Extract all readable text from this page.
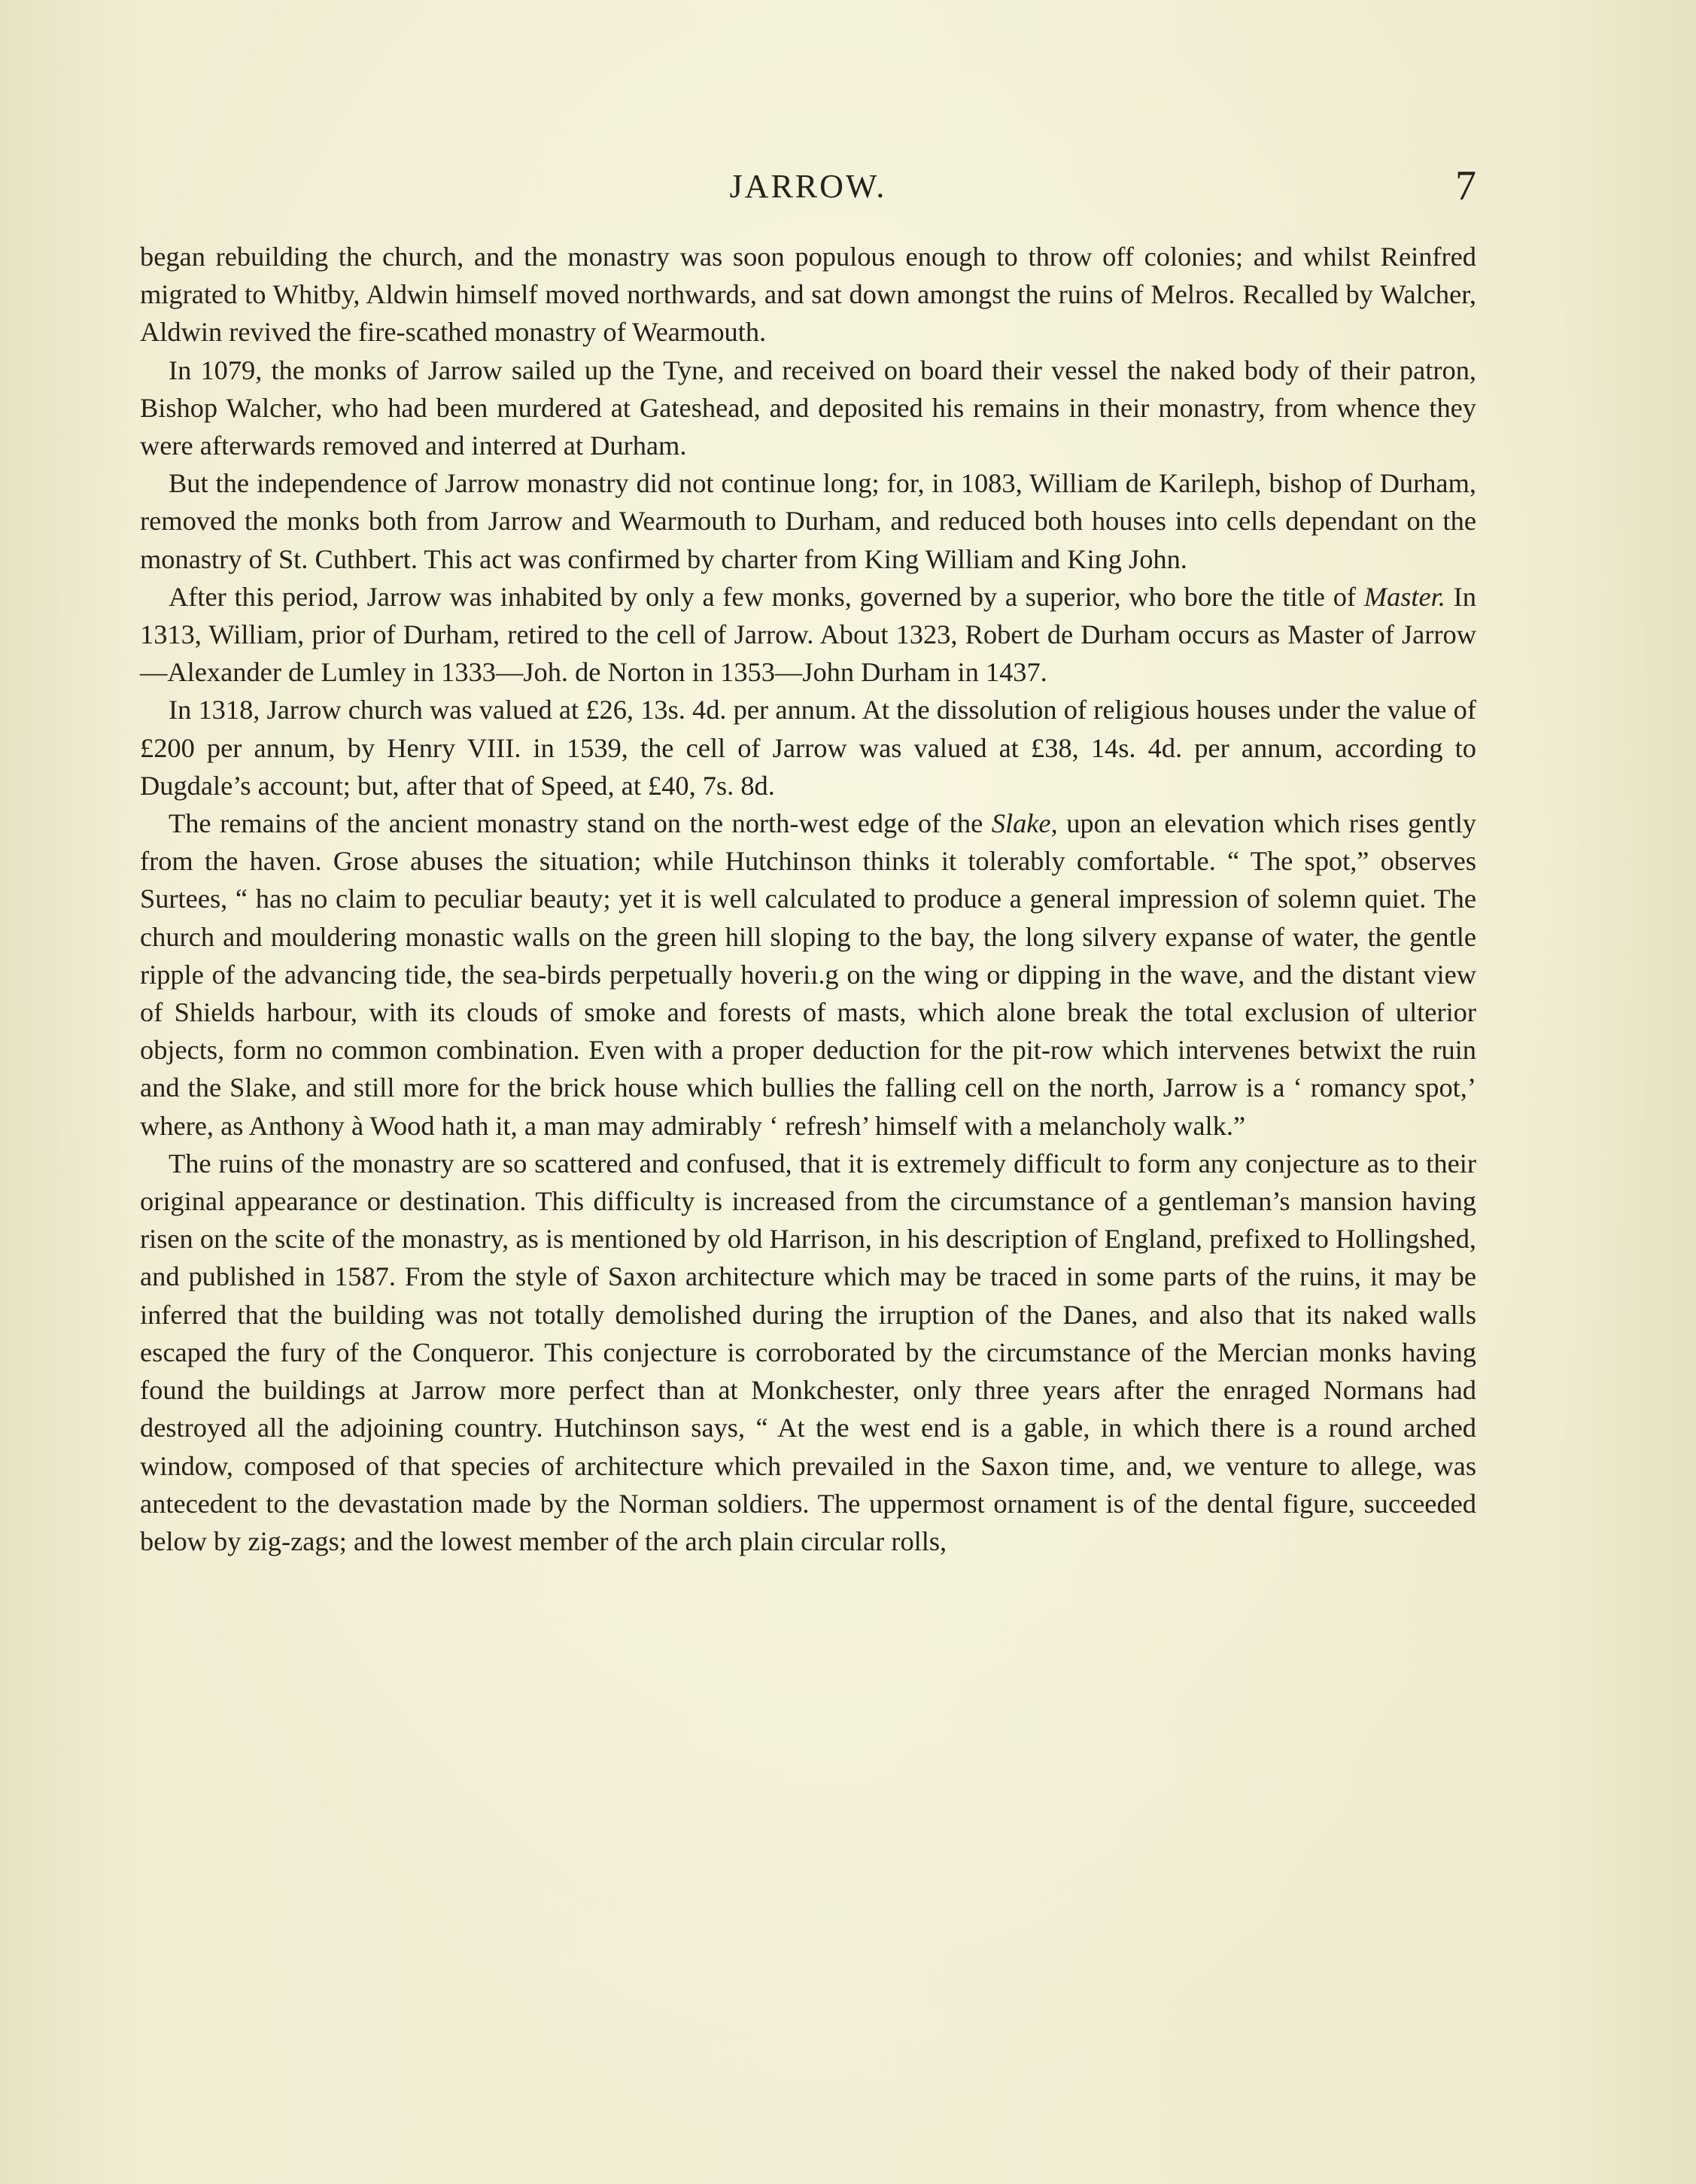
JARROW.	7

began rebuilding the church, and the monastry was soon populous enough to throw off colonies; and whilst Reinfred migrated to Whitby, Aldwin himself moved northwards, and sat down amongst the ruins of Melros. Recalled by Walcher, Aldwin revived the fire-scathed monastry of Wearmouth.

In 1079, the monks of Jarrow sailed up the Tyne, and received on board their vessel the naked body of their patron, Bishop Walcher, who had been murdered at Gateshead, and deposited his remains in their monastry, from whence they were afterwards removed and interred at Durham.

But the independence of Jarrow monastry did not continue long; for, in 1083, William de Karileph, bishop of Durham, removed the monks both from Jarrow and Wearmouth to Durham, and reduced both houses into cells dependant on the monastry of St. Cuthbert. This act was confirmed by charter from King William and King John.

After this period, Jarrow was inhabited by only a few monks, governed by a superior, who bore the title of Master. In 1313, William, prior of Durham, retired to the cell of Jarrow. About 1323, Robert de Durham occurs as Master of Jarrow—Alexander de Lumley in 1333—Joh. de Norton in 1353—John Durham in 1437.

In 1318, Jarrow church was valued at £26, 13s. 4d. per annum. At the dissolution of religious houses under the value of £200 per annum, by Henry VIII. in 1539, the cell of Jarrow was valued at £38, 14s. 4d. per annum, according to Dugdale’s account; but, after that of Speed, at £40, 7s. 8d.

The remains of the ancient monastry stand on the north-west edge of the Slake, upon an elevation which rises gently from the haven. Grose abuses the situation; while Hutchinson thinks it tolerably comfortable. “ The spot,” observes Surtees, “ has no claim to peculiar beauty; yet it is well calculated to produce a general impression of solemn quiet. The church and mouldering monastic walls on the green hill sloping to the bay, the long silvery expanse of water, the gentle ripple of the advancing tide, the sea-birds perpetually hoveriı.g on the wing or dipping in the wave, and the distant view of Shields harbour, with its clouds of smoke and forests of masts, which alone break the total exclusion of ulterior objects, form no common combination. Even with a proper deduction for the pit-row which intervenes betwixt the ruin and the Slake, and still more for the brick house which bullies the falling cell on the north, Jarrow is a ‘ romancy spot,’ where, as Anthony à Wood hath it, a man may admirably ‘ refresh’ himself with a melancholy walk.”

The ruins of the monastry are so scattered and confused, that it is extremely difficult to form any conjecture as to their original appearance or destination. This difficulty is increased from the circumstance of a gentleman’s mansion having risen on the scite of the monastry, as is mentioned by old Harrison, in his description of England, prefixed to Hollingshed, and published in 1587. From the style of Saxon architecture which may be traced in some parts of the ruins, it may be inferred that the building was not totally demolished during the irruption of the Danes, and also that its naked walls escaped the fury of the Conqueror. This conjecture is corroborated by the circumstance of the Mercian monks having found the buildings at Jarrow more perfect than at Monkchester, only three years after the enraged Normans had destroyed all the adjoining country. Hutchinson says, “ At the west end is a gable, in which there is a round arched window, composed of that species of architecture which prevailed in the Saxon time, and, we venture to allege, was antecedent to the devastation made by the Norman soldiers. The uppermost ornament is of the dental figure, succeeded below by zig-zags; and the lowest member of the arch plain circular rolls,
